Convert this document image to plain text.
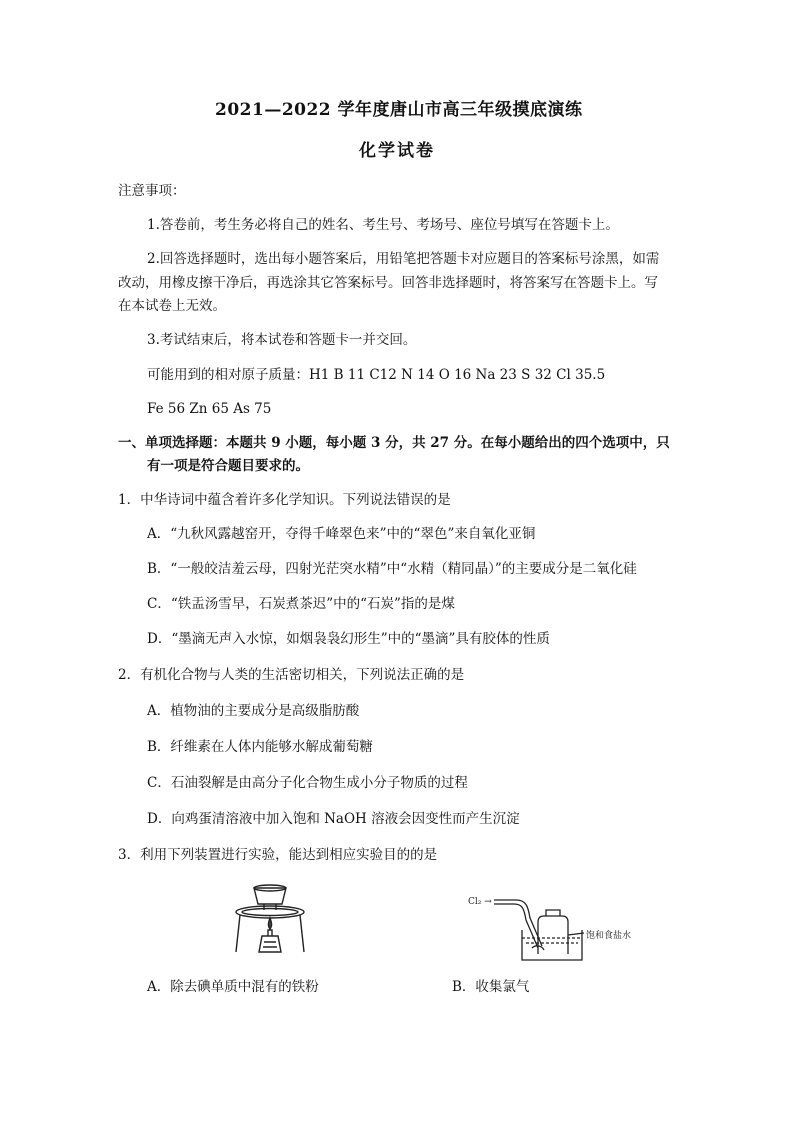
2021—2022 学年度唐山市高三年级摸底演练
化学试卷
注意事项：
1.答卷前，考生务必将自己的姓名、考生号、考场号、座位号填写在答题卡上。
2.回答选择题时，选出每小题答案后，用铅笔把答题卡对应题目的答案标号涂黑，如需
改动，用橡皮擦干净后，再选涂其它答案标号。回答非选择题时，将答案写在答题卡上。写
在本试卷上无效。
3.考试结束后，将本试卷和答题卡一并交回。
可能用到的相对原子质量：H1 B 11 C12 N 14 O 16 Na 23 S 32 Cl 35.5
Fe 56 Zn 65 As 75
一、单项选择题：本题共 9 小题，每小题 3 分，共 27 分。在每小题给出的四个选项中，只
有一项是符合题目要求的。
1．中华诗词中蕴含着许多化学知识。下列说法错误的是
A．“九秋风露越窑开，夺得千峰翠色来”中的“翠色”来自氧化亚铜
B．“一般皎洁羞云母，四射光茫突水精”中“水精（精同晶）”的主要成分是二氧化硅
C．“铁盂汤雪早，石炭煮茶迟”中的“石炭”指的是煤
D．“墨滴无声入水惊，如烟袅袅幻形生”中的“墨滴”具有胶体的性质
2．有机化合物与人类的生活密切相关，下列说法正确的是
A．植物油的主要成分是高级脂肪酸
B．纤维素在人体内能够水解成葡萄糖
C．石油裂解是由高分子化合物生成小分子物质的过程
D．向鸡蛋清溶液中加入饱和 NaOH 溶液会因变性而产生沉淀
3．利用下列装置进行实验，能达到相应实验目的的是
Cl₂ →
饱和食盐水
A．除去碘单质中混有的铁粉	B．收集氯气
